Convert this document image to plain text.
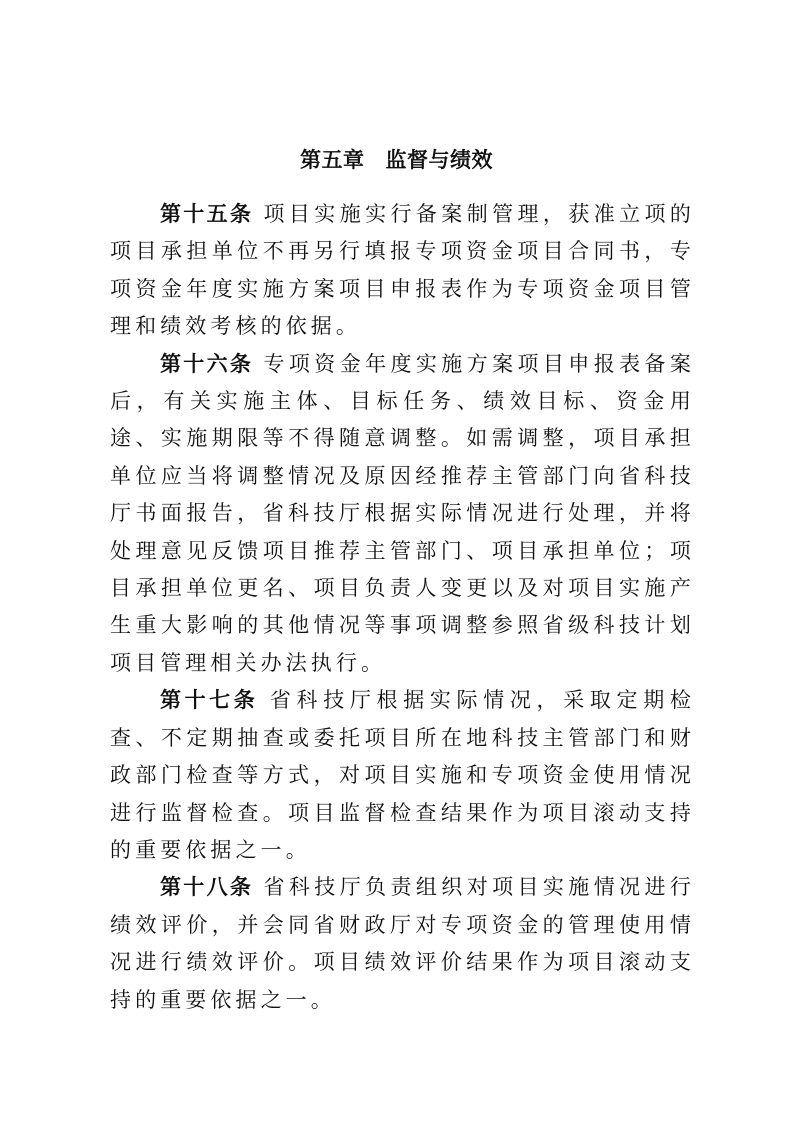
第五章 监督与绩效

第十五条 项目实施实行备案制管理，获准立项的项目承担单位不再另行填报专项资金项目合同书，专项资金年度实施方案项目申报表作为专项资金项目管理和绩效考核的依据。

第十六条 专项资金年度实施方案项目申报表备案后，有关实施主体、目标任务、绩效目标、资金用途、实施期限等不得随意调整。如需调整，项目承担单位应当将调整情况及原因经推荐主管部门向省科技厅书面报告，省科技厅根据实际情况进行处理，并将处理意见反馈项目推荐主管部门、项目承担单位；项目承担单位更名、项目负责人变更以及对项目实施产生重大影响的其他情况等事项调整参照省级科技计划项目管理相关办法执行。

第十七条 省科技厅根据实际情况，采取定期检查、不定期抽查或委托项目所在地科技主管部门和财政部门检查等方式，对项目实施和专项资金使用情况进行监督检查。项目监督检查结果作为项目滚动支持的重要依据之一。

第十八条 省科技厅负责组织对项目实施情况进行绩效评价，并会同省财政厅对专项资金的管理使用情况进行绩效评价。项目绩效评价结果作为项目滚动支持的重要依据之一。
